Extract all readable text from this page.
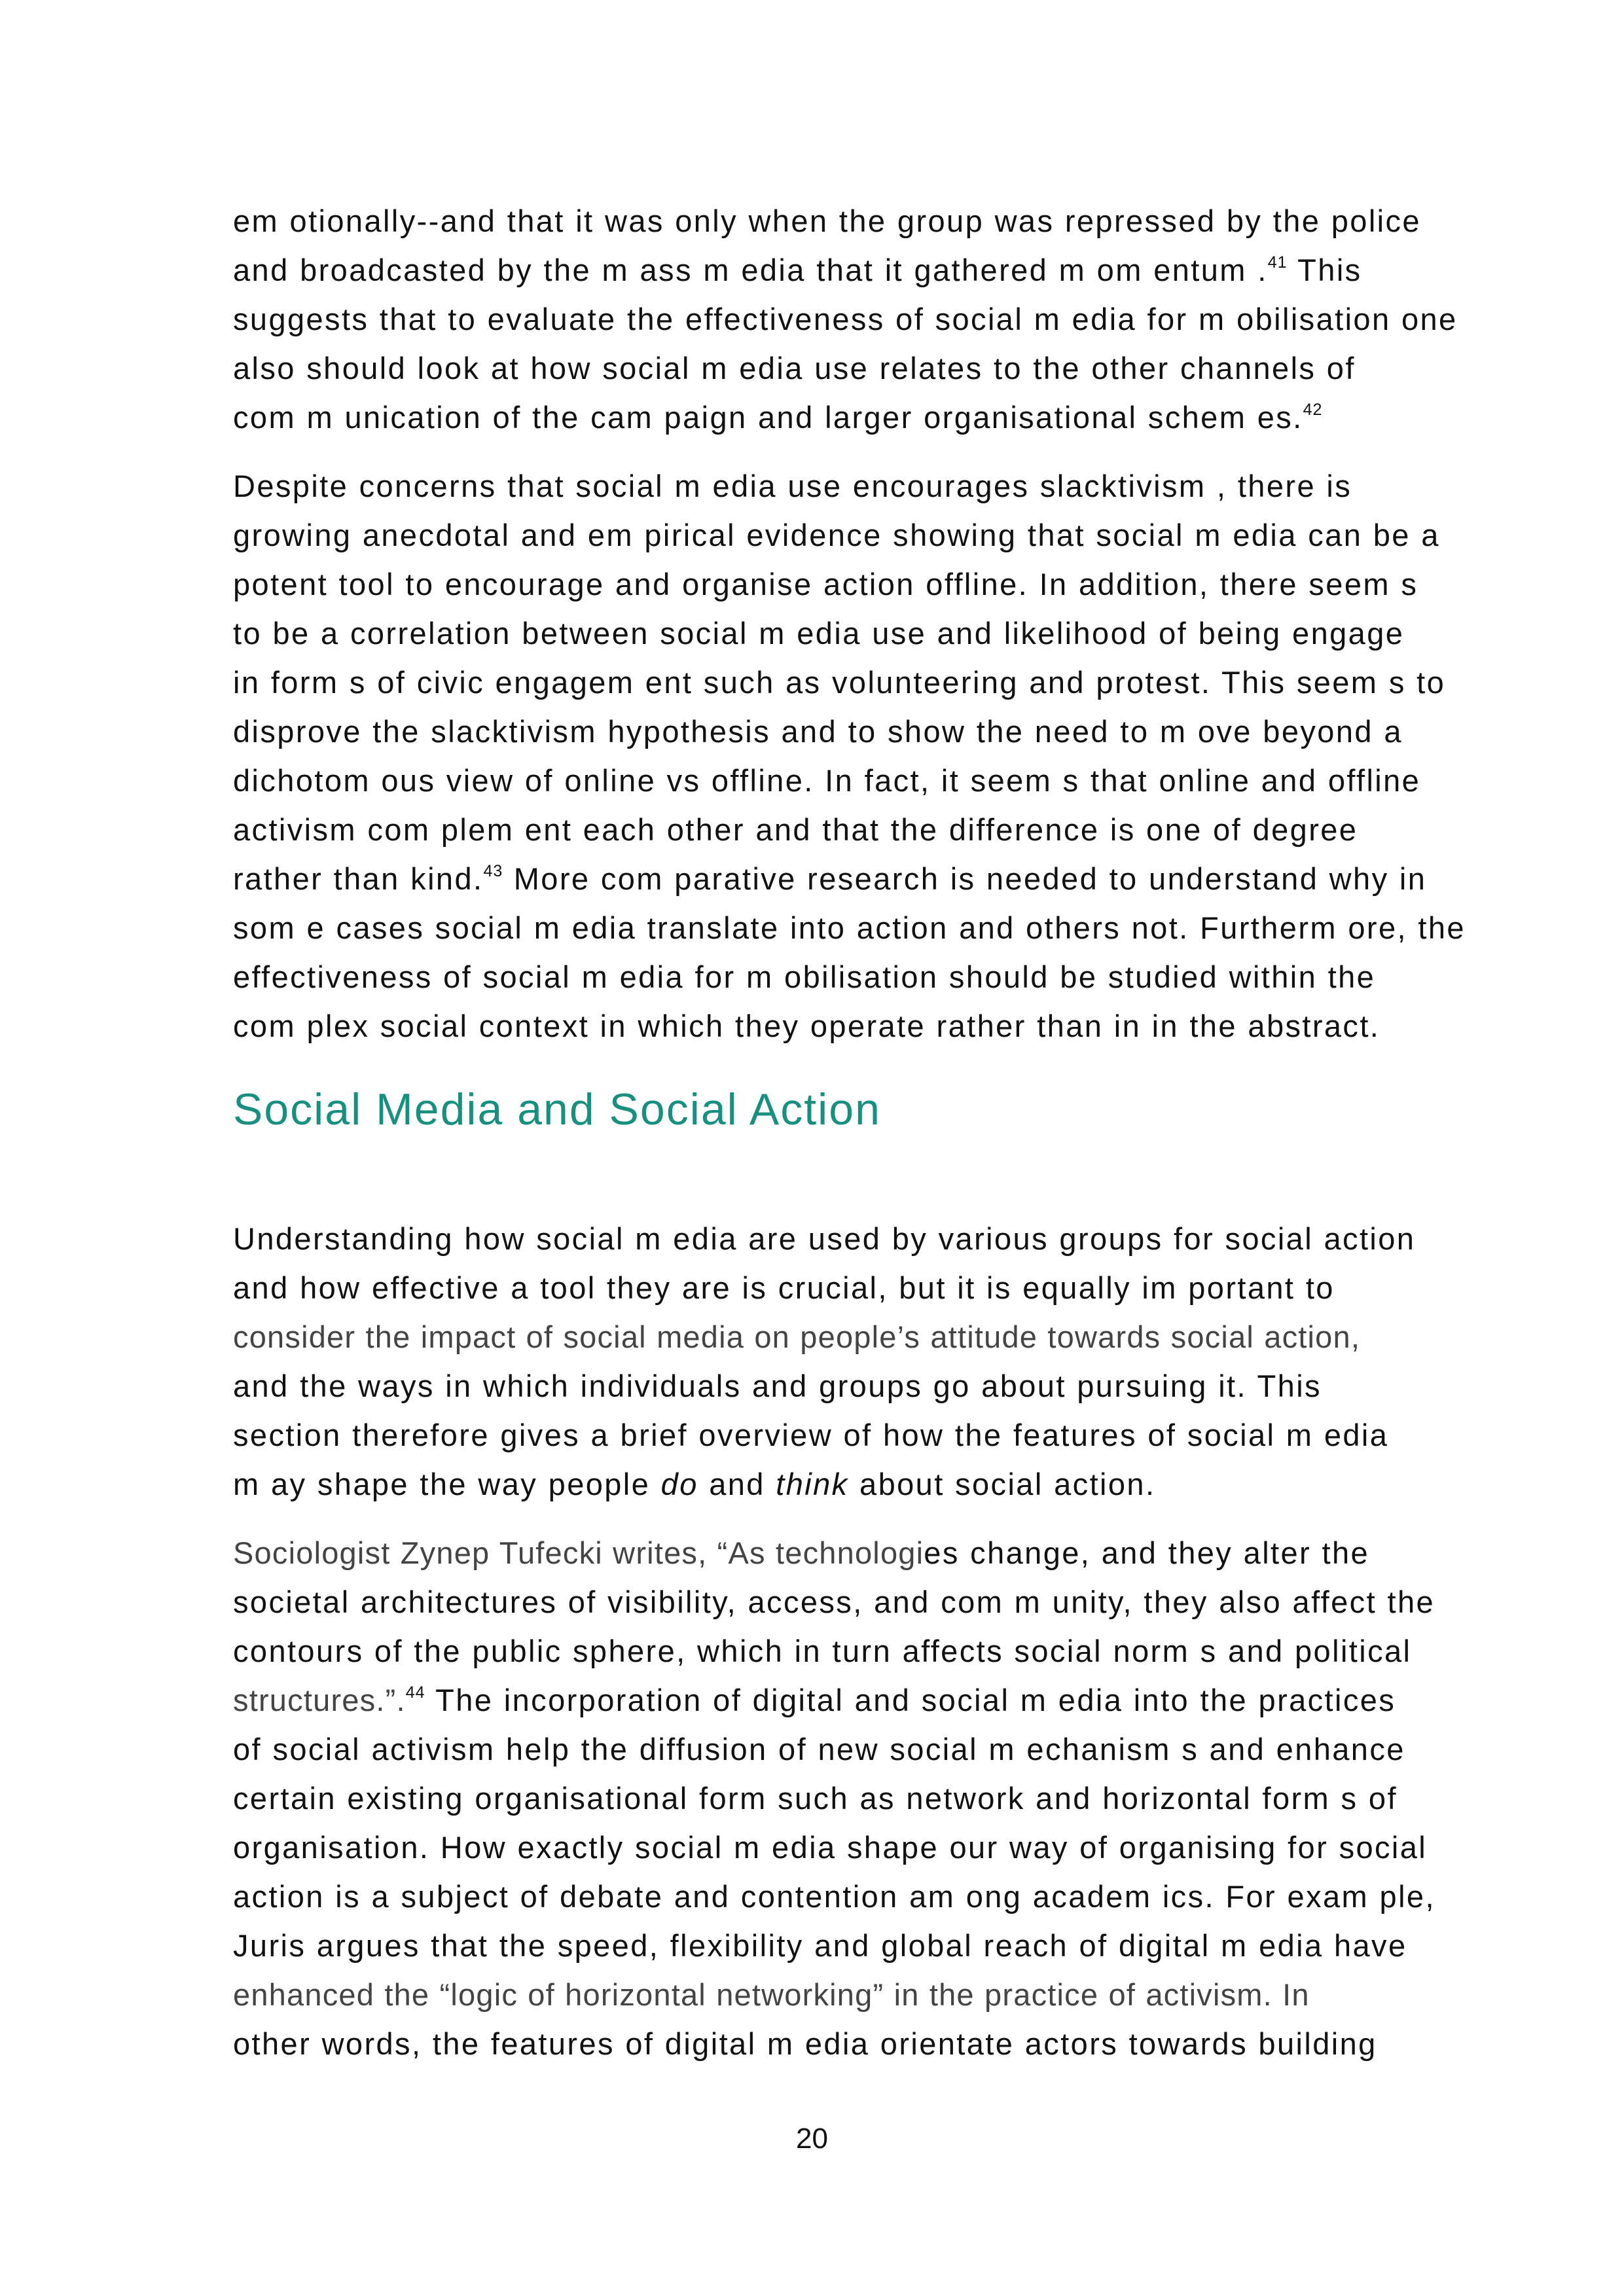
em otionally--and that it was only when the group was repressed by the police
and broadcasted by the m ass m edia that it gathered m om entum .$^{41}$ This
suggests that to evaluate the effectiveness of social m edia for m obilisation one
also should look at how social m edia use relates to the other channels of
com m unication of the cam paign and larger organisational schem es.$^{42}$
Despite concerns that social m edia use encourages slacktivism , there is
growing anecdotal and em pirical evidence showing that social m edia can be a
potent tool to encourage and organise action offline. In addition, there seem s
to be a correlation between social m edia use and likelihood of being engage
in form s of civic engagem ent such as volunteering and protest. This seem s to
disprove the slacktivism hypothesis and to show the need to m ove beyond a
dichotom ous view of online vs offline. In fact, it seem s that online and offline
activism com plem ent each other and that the difference is one of degree
rather than kind.$^{43}$ More com parative research is needed to understand why in
som e cases social m edia translate into action and others not. Furtherm ore, the
effectiveness of social m edia for m obilisation should be studied within the
com plex social context in which they operate rather than in in the abstract.
Social Media and Social Action
Understanding how social m edia are used by various groups for social action
and how effective a tool they are is crucial, but it is equally im portant to
consider the impact of social media on people’s attitude towards social action,
and the ways in which individuals and groups go about pursuing it. This
section therefore gives a brief overview of how the features of social m edia
m ay shape the way people do and think about social action.
Sociologist Zynep Tufecki writes, “As technologies change, and they alter the
societal architectures of visibility, access, and com m unity, they also affect the
contours of the public sphere, which in turn affects social norm s and political
structures.”.$^{44}$ The incorporation of digital and social m edia into the practices
of social activism help the diffusion of new social m echanism s and enhance
certain existing organisational form such as network and horizontal form s of
organisation. How exactly social m edia shape our way of organising for social
action is a subject of debate and contention am ong academ ics. For exam ple,
Juris argues that the speed, flexibility and global reach of digital m edia have
enhanced the “logic of horizontal networking” in the practice of activism. In
other words, the features of digital m edia orientate actors towards building
20
